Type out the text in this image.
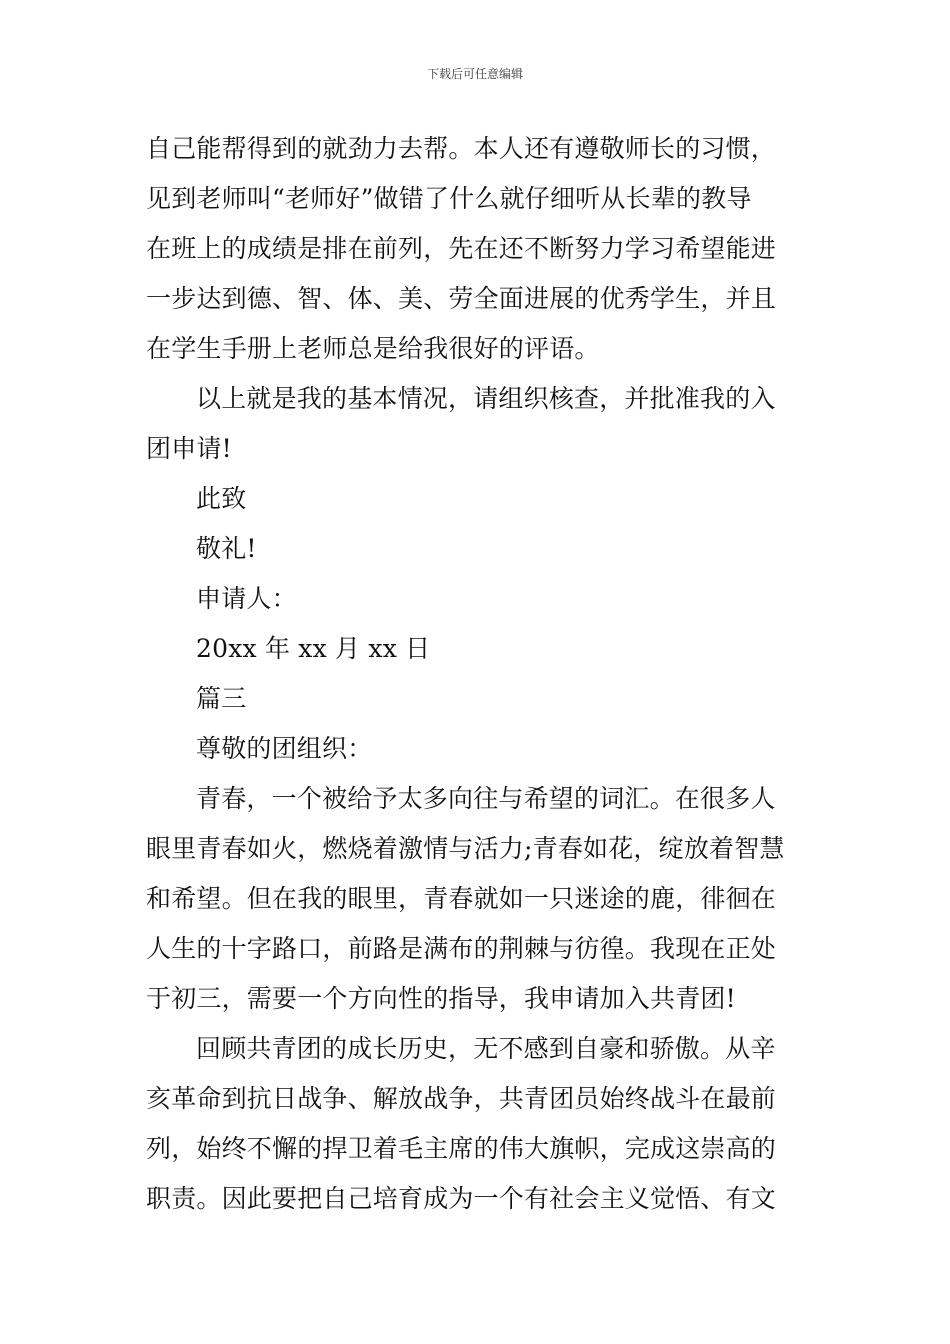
下载后可任意编辑
自己能帮得到的就劲力去帮。本人还有遵敬师长的习惯，
见到老师叫“老师好”做错了什么就仔细听从长辈的教导
在班上的成绩是排在前列，先在还不断努力学习希望能进
一步达到德、智、体、美、劳全面进展的优秀学生，并且
在学生手册上老师总是给我很好的评语。
以上就是我的基本情况，请组织核查，并批准我的入
团申请!
此致
敬礼!
申请人：
20xx 年 xx 月 xx 日
篇三
尊敬的团组织：
青春，一个被给予太多向往与希望的词汇。在很多人
眼里青春如火，燃烧着激情与活力;青春如花，绽放着智慧
和希望。但在我的眼里，青春就如一只迷途的鹿，徘徊在
人生的十字路口，前路是满布的荆棘与彷徨。我现在正处
于初三，需要一个方向性的指导，我申请加入共青团!
回顾共青团的成长历史，无不感到自豪和骄傲。从辛
亥革命到抗日战争、解放战争，共青团员始终战斗在最前
列，始终不懈的捍卫着毛主席的伟大旗帜，完成这崇高的
职责。因此要把自己培育成为一个有社会主义觉悟、有文
